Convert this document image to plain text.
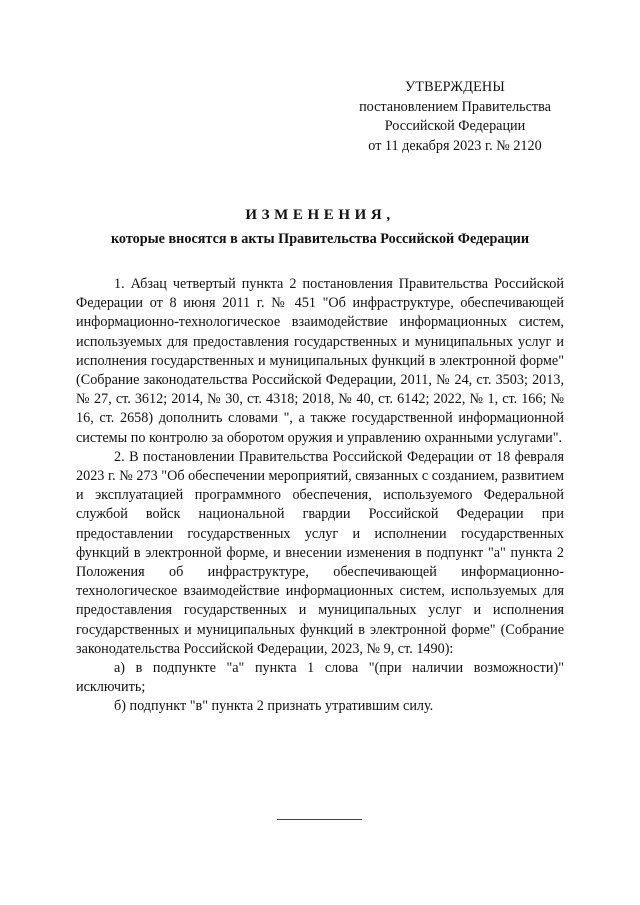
УТВЕРЖДЕНЫ
постановлением Правительства
Российской Федерации
от 11 декабря 2023 г. № 2120
ИЗМЕНЕНИЯ,
которые вносятся в акты Правительства Российской Федерации

1. Абзац четвертый пункта 2 постановления Правительства Российской Федерации от 8 июня 2011 г. № 451 "Об инфраструктуре, обеспечивающей информационно-технологическое взаимодействие информационных систем, используемых для предоставления государственных и муниципальных услуг и исполнения государственных и муниципальных функций в электронной форме" (Собрание законодательства Российской Федерации, 2011, № 24, ст. 3503; 2013, № 27, ст. 3612; 2014, № 30, ст. 4318; 2018, № 40, ст. 6142; 2022, № 1, ст. 166; № 16, ст. 2658) дополнить словами ", а также государственной информационной системы по контролю за оборотом оружия и управлению охранными услугами".

2. В постановлении Правительства Российской Федерации от 18 февраля 2023 г. № 273 "Об обеспечении мероприятий, связанных с созданием, развитием и эксплуатацией программного обеспечения, используемого Федеральной службой войск национальной гвардии Российской Федерации при предоставлении государственных услуг и исполнении государственных функций в электронной форме, и внесении изменения в подпункт "а" пункта 2 Положения об инфраструктуре, обеспечивающей информационно-технологическое взаимодействие информационных систем, используемых для предоставления государственных и муниципальных услуг и исполнения государственных и муниципальных функций в электронной форме" (Собрание законодательства Российской Федерации, 2023, № 9, ст. 1490):

а) в подпункте "а" пункта 1 слова "(при наличии возможности)" исключить;

б) подпункт "в" пункта 2 признать утратившим силу.
